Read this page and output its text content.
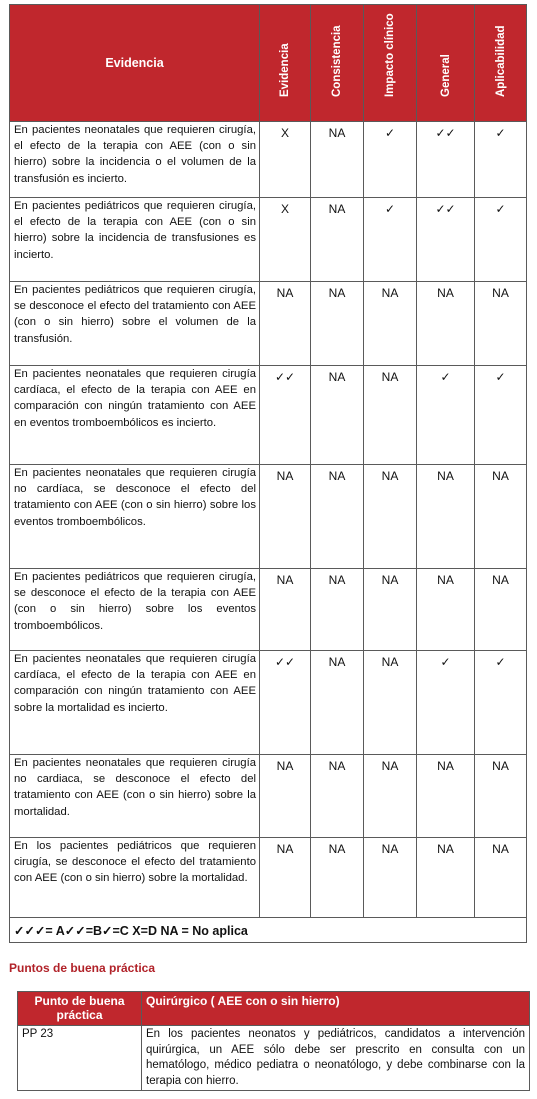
Evidencia	Evidencia	Consistencia	Impacto clínico	General	Aplicabilidad

En pacientes neonatales que requieren cirugía, el efecto de la terapia con AEE (con o sin hierro) sobre la incidencia o el volumen de la transfusión es incierto.	X	NA	✓	✓✓	✓
En pacientes pediátricos que requieren cirugía, el efecto de la terapia con AEE (con o sin hierro) sobre la incidencia de transfusiones es incierto.	X	NA	✓	✓✓	✓
En pacientes pediátricos que requieren cirugía, se desconoce el efecto del tratamiento con AEE (con o sin hierro) sobre el volumen de la transfusión.	NA	NA	NA	NA	NA
En pacientes neonatales que requieren cirugía cardíaca, el efecto de la terapia con AEE en comparación con ningún tratamiento con AEE en eventos tromboembólicos es incierto.	✓✓	NA	NA	✓	✓
En pacientes neonatales que requieren cirugía no cardíaca, se desconoce el efecto del tratamiento con AEE (con o sin hierro) sobre los eventos tromboembólicos.	NA	NA	NA	NA	NA
En pacientes pediátricos que requieren cirugía, se desconoce el efecto de la terapia con AEE (con o sin hierro) sobre los eventos tromboembólicos.	NA	NA	NA	NA	NA
En pacientes neonatales que requieren cirugía cardíaca, el efecto de la terapia con AEE en comparación con ningún tratamiento con AEE sobre la mortalidad es incierto.	✓✓	NA	NA	✓	✓
En pacientes neonatales que requieren cirugía no cardiaca, se desconoce el efecto del tratamiento con AEE (con o sin hierro) sobre la mortalidad.	NA	NA	NA	NA	NA
En los pacientes pediátricos que requieren cirugía, se desconoce el efecto del tratamiento con AEE (con o sin hierro) sobre la mortalidad.	NA	NA	NA	NA	NA
✓✓✓= A✓✓=B✓=C X=D NA = No aplica					
Puntos de buena práctica
Punto de buena práctica	Quirúrgico ( AEE con o sin hierro)
PP 23	En los pacientes neonatos y pediátricos, candidatos a intervención quirúrgica, un AEE sólo debe ser prescrito en consulta con un hematólogo, médico pediatra o neonatólogo, y debe combinarse con la terapia con hierro.
